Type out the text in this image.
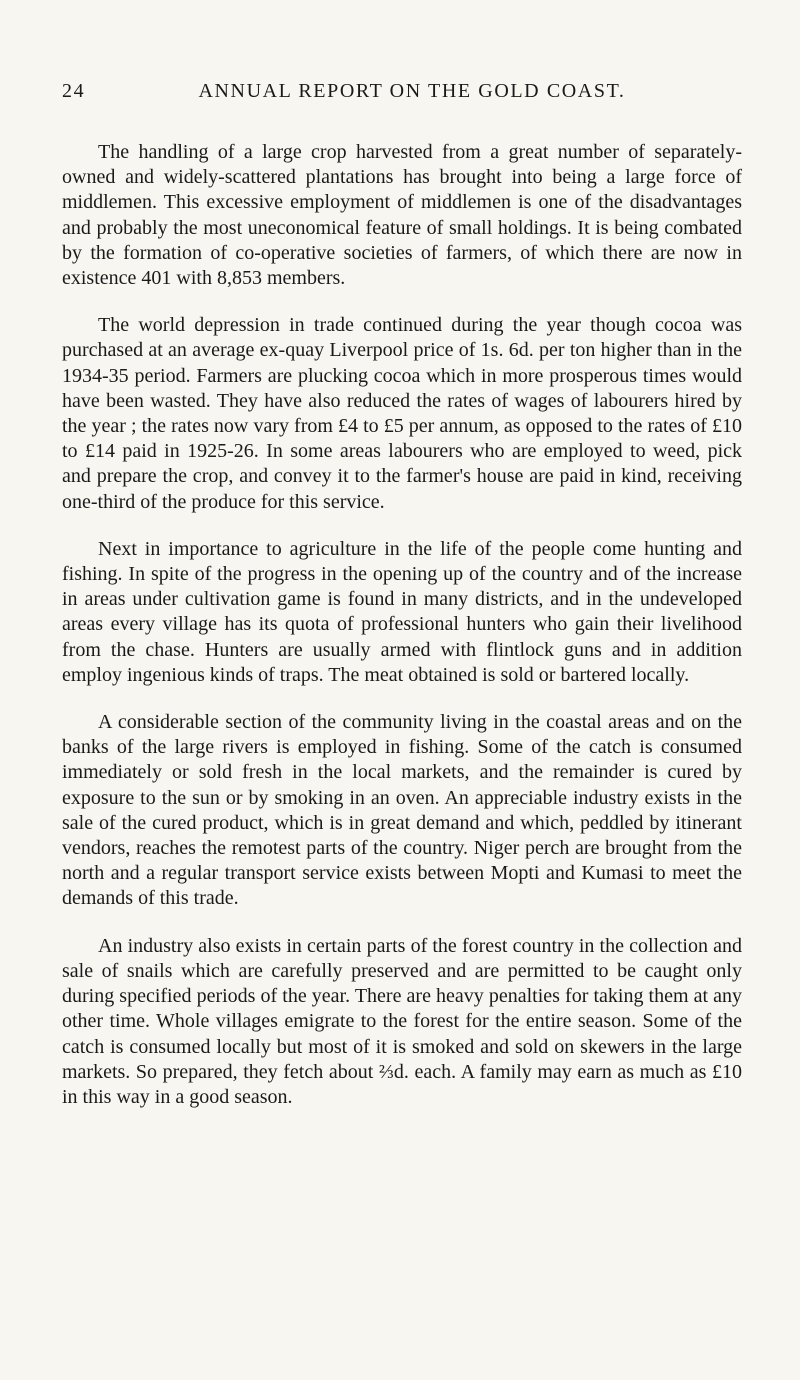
24	ANNUAL REPORT ON THE GOLD COAST.

The handling of a large crop harvested from a great number of separately-owned and widely-scattered plantations has brought into being a large force of middlemen. This excessive employment of middlemen is one of the disadvantages and probably the most uneconomical feature of small holdings. It is being combated by the formation of co-operative societies of farmers, of which there are now in existence 401 with 8,853 members.

The world depression in trade continued during the year though cocoa was purchased at an average ex-quay Liverpool price of 1s. 6d. per ton higher than in the 1934-35 period. Farmers are plucking cocoa which in more prosperous times would have been wasted. They have also reduced the rates of wages of labourers hired by the year ; the rates now vary from £4 to £5 per annum, as opposed to the rates of £10 to £14 paid in 1925-26. In some areas labourers who are employed to weed, pick and prepare the crop, and convey it to the farmer's house are paid in kind, receiving one-third of the produce for this service.

Next in importance to agriculture in the life of the people come hunting and fishing. In spite of the progress in the opening up of the country and of the increase in areas under cultivation game is found in many districts, and in the undeveloped areas every village has its quota of professional hunters who gain their livelihood from the chase. Hunters are usually armed with flintlock guns and in addition employ ingenious kinds of traps. The meat obtained is sold or bartered locally.

A considerable section of the community living in the coastal areas and on the banks of the large rivers is employed in fishing. Some of the catch is consumed immediately or sold fresh in the local markets, and the remainder is cured by exposure to the sun or by smoking in an oven. An appreciable industry exists in the sale of the cured product, which is in great demand and which, peddled by itinerant vendors, reaches the remotest parts of the country. Niger perch are brought from the north and a regular transport service exists between Mopti and Kumasi to meet the demands of this trade.

An industry also exists in certain parts of the forest country in the collection and sale of snails which are carefully preserved and are permitted to be caught only during specified periods of the year. There are heavy penalties for taking them at any other time. Whole villages emigrate to the forest for the entire season. Some of the catch is consumed locally but most of it is smoked and sold on skewers in the large markets. So prepared, they fetch about ⅔d. each. A family may earn as much as £10 in this way in a good season.
